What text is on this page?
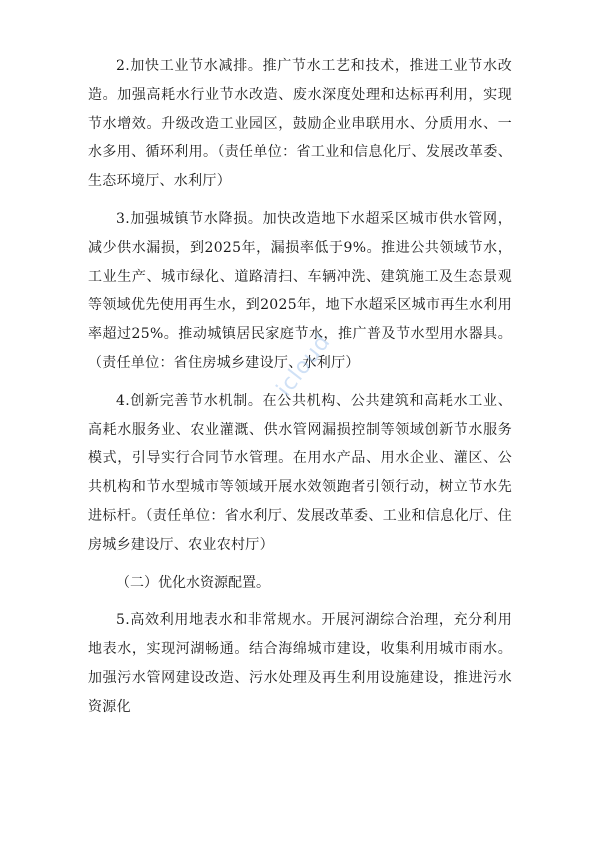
2.加快工业节水减排。推广节水工艺和技术，推进工业节水改造。加强高耗水行业节水改造、废水深度处理和达标再利用，实现节水增效。升级改造工业园区，鼓励企业串联用水、分质用水、一水多用、循环利用。（责任单位：省工业和信息化厅、发展改革委、生态环境厅、水利厅）

3.加强城镇节水降损。加快改造地下水超采区城市供水管网，减少供水漏损，到2025年，漏损率低于9%。推进公共领域节水，工业生产、城市绿化、道路清扫、车辆冲洗、建筑施工及生态景观等领域优先使用再生水，到2025年，地下水超采区城市再生水利用率超过25%。推动城镇居民家庭节水，推广普及节水型用水器具。（责任单位：省住房城乡建设厅、水利厅）

4.创新完善节水机制。在公共机构、公共建筑和高耗水工业、高耗水服务业、农业灌溉、供水管网漏损控制等领域创新节水服务模式，引导实行合同节水管理。在用水产品、用水企业、灌区、公共机构和节水型城市等领域开展水效领跑者引领行动，树立节水先进标杆。（责任单位：省水利厅、发展改革委、工业和信息化厅、住房城乡建设厅、农业农村厅）

（二）优化水资源配置。

5.高效利用地表水和非常规水。开展河湖综合治理，充分利用地表水，实现河湖畅通。结合海绵城市建设，收集利用城市雨水。加强污水管网建设改造、污水处理及再生利用设施建设，推进污水资源化

icloud
